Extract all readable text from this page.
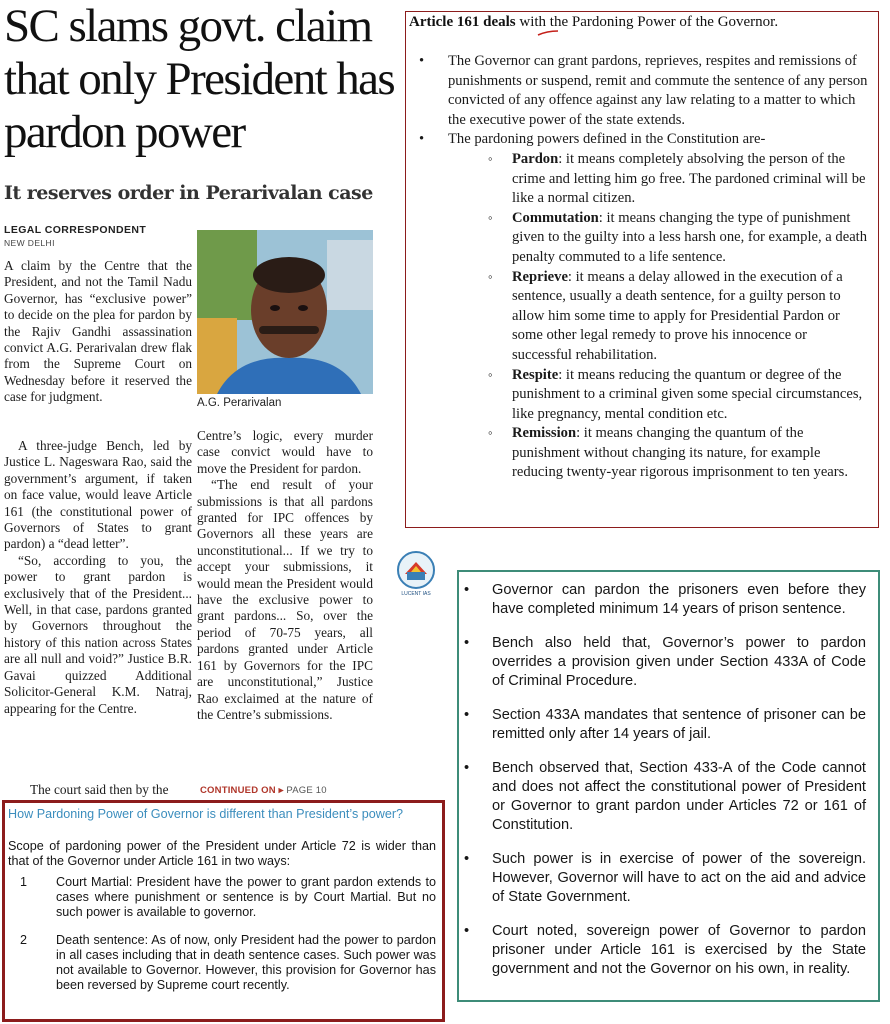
SC slams govt. claim that only President has pardon power
It reserves order in Perarivalan case
LEGAL CORRESPONDENT
NEW DELHI

A claim by the Centre that the President, and not the Tamil Nadu Governor, has “exclusive power” to decide on the plea for pardon by the Rajiv Gandhi assassination convict A.G. Perarivalan drew flak from the Supreme Court on Wednesday before it reserved the case for judgment.

A three-judge Bench, led by Justice L. Nageswara Rao, said the government’s argument, if taken on face value, would leave Article 161 (the constitutional power of Governors of States to grant pardon) a “dead letter”.

“So, according to you, the power to grant pardon is exclusively that of the President... Well, in that case, pardons granted by Governors throughout the history of this nation across States are all null and void?” Justice B.R. Gavai quizzed Additional Solicitor-General K.M. Natraj, appearing for the Centre.

The court said then by the
A.G. Perarivalan

Centre’s logic, every murder case convict would have to move the President for pardon.

“The end result of your submissions is that all pardons granted for IPC offences by Governors all these years are unconstitutional... If we try to accept your submissions, it would mean the President would have the exclusive power to grant pardons... So, over the period of 70-75 years, all pardons granted under Article 161 by Governors for the IPC are unconstitutional,” Justice Rao exclaimed at the nature of the Centre’s submissions.

CONTINUED ON ▸ PAGE 10
Article 161 deals with the Pardoning Power of the Governor.
• The Governor can grant pardons, reprieves, respites and remissions of punishments or suspend, remit and commute the sentence of any person convicted of any offence against any law relating to a matter to which the executive power of the state extends.
• The pardoning powers defined in the Constitution are-
◦ Pardon: it means completely absolving the person of the crime and letting him go free. The pardoned criminal will be like a normal citizen.
◦ Commutation: it means changing the type of punishment given to the guilty into a less harsh one, for example, a death penalty commuted to a life sentence.
◦ Reprieve: it means a delay allowed in the execution of a sentence, usually a death sentence, for a guilty person to allow him some time to apply for Presidential Pardon or some other legal remedy to prove his innocence or successful rehabilitation.
◦ Respite: it means reducing the quantum or degree of the punishment to a criminal given some special circumstances, like pregnancy, mental condition etc.
◦ Remission: it means changing the quantum of the punishment without changing its nature, for example reducing twenty-year rigorous imprisonment to ten years.
LUCENT IAS
•	Governor can pardon the prisoners even before they have completed minimum 14 years of prison sentence.
• Bench also held that, Governor’s power to pardon overrides a provision given under Section 433A of Code of Criminal Procedure.
• Section 433A mandates that sentence of prisoner can be remitted only after 14 years of jail.
• Bench observed that, Section 433-A of the Code cannot and does not affect the constitutional power of President or Governor to grant pardon under Articles 72 or 161 of Constitution.
• Such power is in exercise of power of the sovereign. However, Governor will have to act on the aid and advice of State Government.
• Court noted, sovereign power of Governor to pardon prisoner under Article 161 is exercised by the State government and not the Governor on his own, in reality.
How Pardoning Power of Governor is different than President’s power?
Scope of pardoning power of the President under Article 72 is wider than that of the Governor under Article 161 in two ways:
1 Court Martial: President have the power to grant pardon extends to cases where punishment or sentence is by Court Martial. But no such power is available to governor.
2 Death sentence: As of now, only President had the power to pardon in all cases including that in death sentence cases. Such power was not available to Governor. However, this provision for Governor has been reversed by Supreme court recently.
